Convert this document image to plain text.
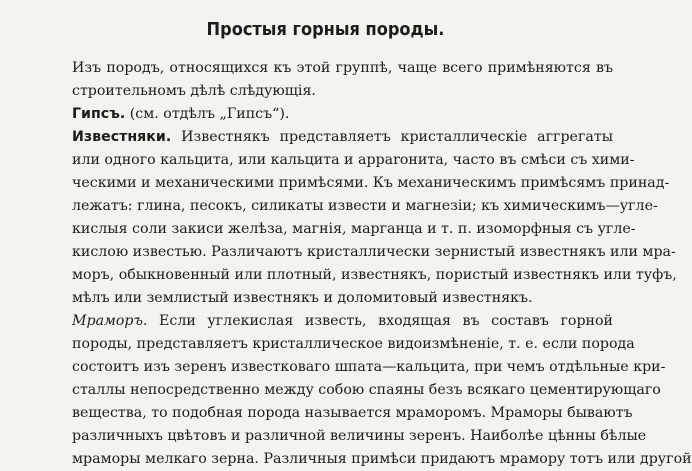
Простыя горныя породы.
Изъ породъ, относящихся къ этой группѣ, чаще всего примѣняются въ
строительномъ дѣлѣ слѣдующія.
Гипсъ. (см. отдѣлъ „Гипсъ“).
Известняки. Известнякъ представляетъ кристаллическіе аггрегаты
или одного кальцита, или кальцита и арраrонита, часто въ смѣси съ хими-
ческими и механическими примѣсями. Къ механическимъ примѣсямъ принад-
лежатъ: глина, песокъ, силикаты извести и магнезіи; къ химическимъ—угле-
кислыя соли закиси желѣза, магнія, марганца и т. п. изоморфныя съ угле-
кислою известью. Различаютъ кристаллически зернистый известнякъ или мра-
моръ, обыкновенный или плотный, известнякъ, пористый известнякъ или туфъ,
мѣлъ или землистый известнякъ и доломитовый известнякъ.
Мраморъ. Если углекислая известь, входящая въ составъ горной
породы, представляетъ кристаллическое видоизмѣненіе, т. е. если порода
состоитъ изъ зеренъ известковаго шпата—кальцита, при чемъ отдѣльные кри-
сталлы непосредственно между собою спаяны безъ всякаго цементирующаго
вещества, то подобная порода называется мраморомъ. Мраморы бываютъ
различныхъ цвѣтовъ и различной величины зеренъ. Наиболѣе цѣнны бѣлые
мраморы мелкаго зерна. Различныя примѣси придаютъ мрамору тотъ или другой
